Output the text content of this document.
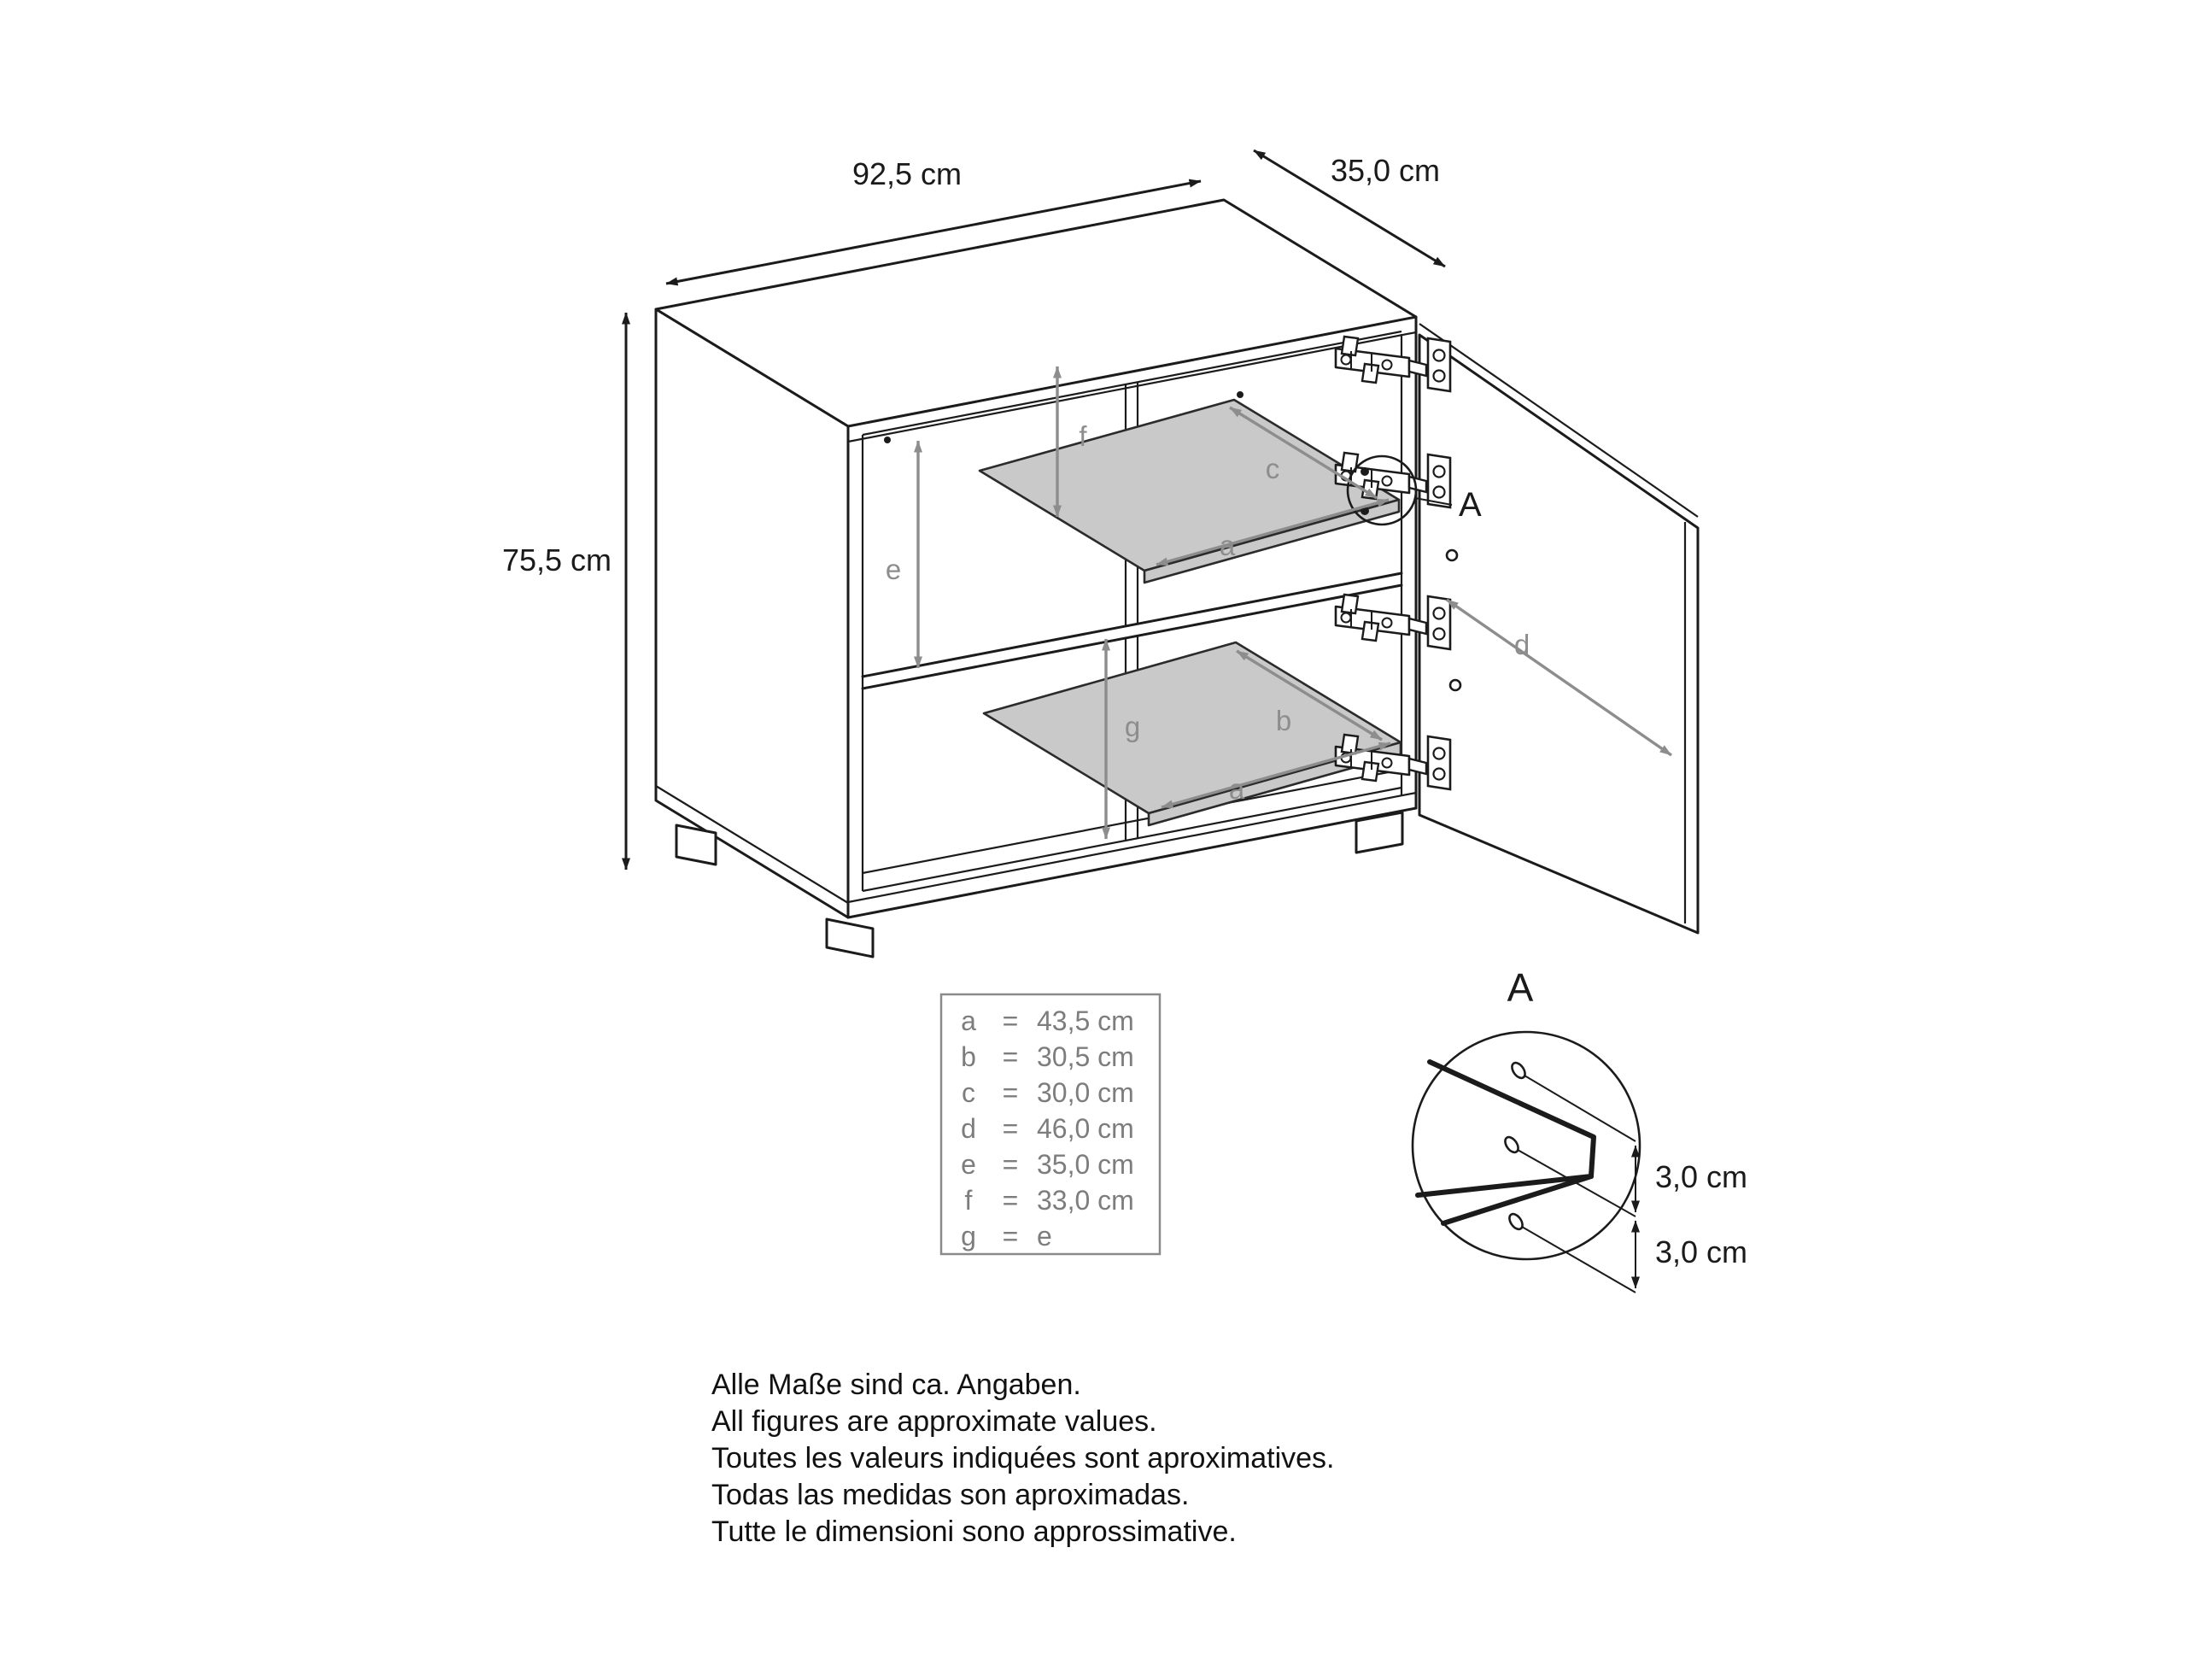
A
e
f
c
a
g	b
a
d
92,5 cm	35,0 cm
75,5 cm
a = 43,5 cm
b = 30,5 cm
c = 30,0 cm
d = 46,0 cm
e = 35,0 cm
f = 33,0 cm
g = e
A
3,0 cm
3,0 cm
Alle Maße sind ca. Angaben.
All figures are approximate values.
Toutes les valeurs indiquées sont aproximatives.
Todas las medidas son aproximadas.
Tutte le dimensioni sono approssimative.
